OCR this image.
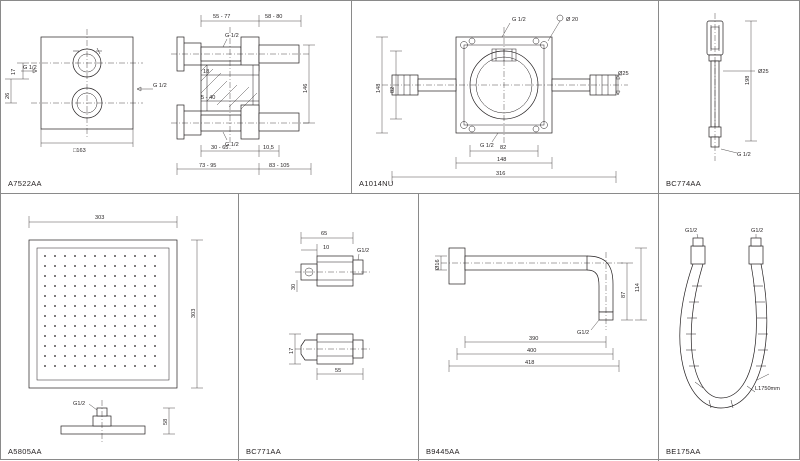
□163
17
26
G 1/2
G 1/2
55 - 77	58 - 80
G 1/2
G 1/2
18
5 - 40
146
30 - 65	10,5
73 - 95	83 - 105
A7522AA
G 1/2	Ø 20
G 1/2
Ø25
148 82
82
148
316
A1014NU
198
Ø25
G 1/2
BC774AA
303
303
G1/2
58
A5805AA
65
10
30
G1/2
17
55
BC771AA
Ø16
114
87
G1/2
390
400
418
B9445AA
G1/2	G1/2
L1750mm
BE175AA
